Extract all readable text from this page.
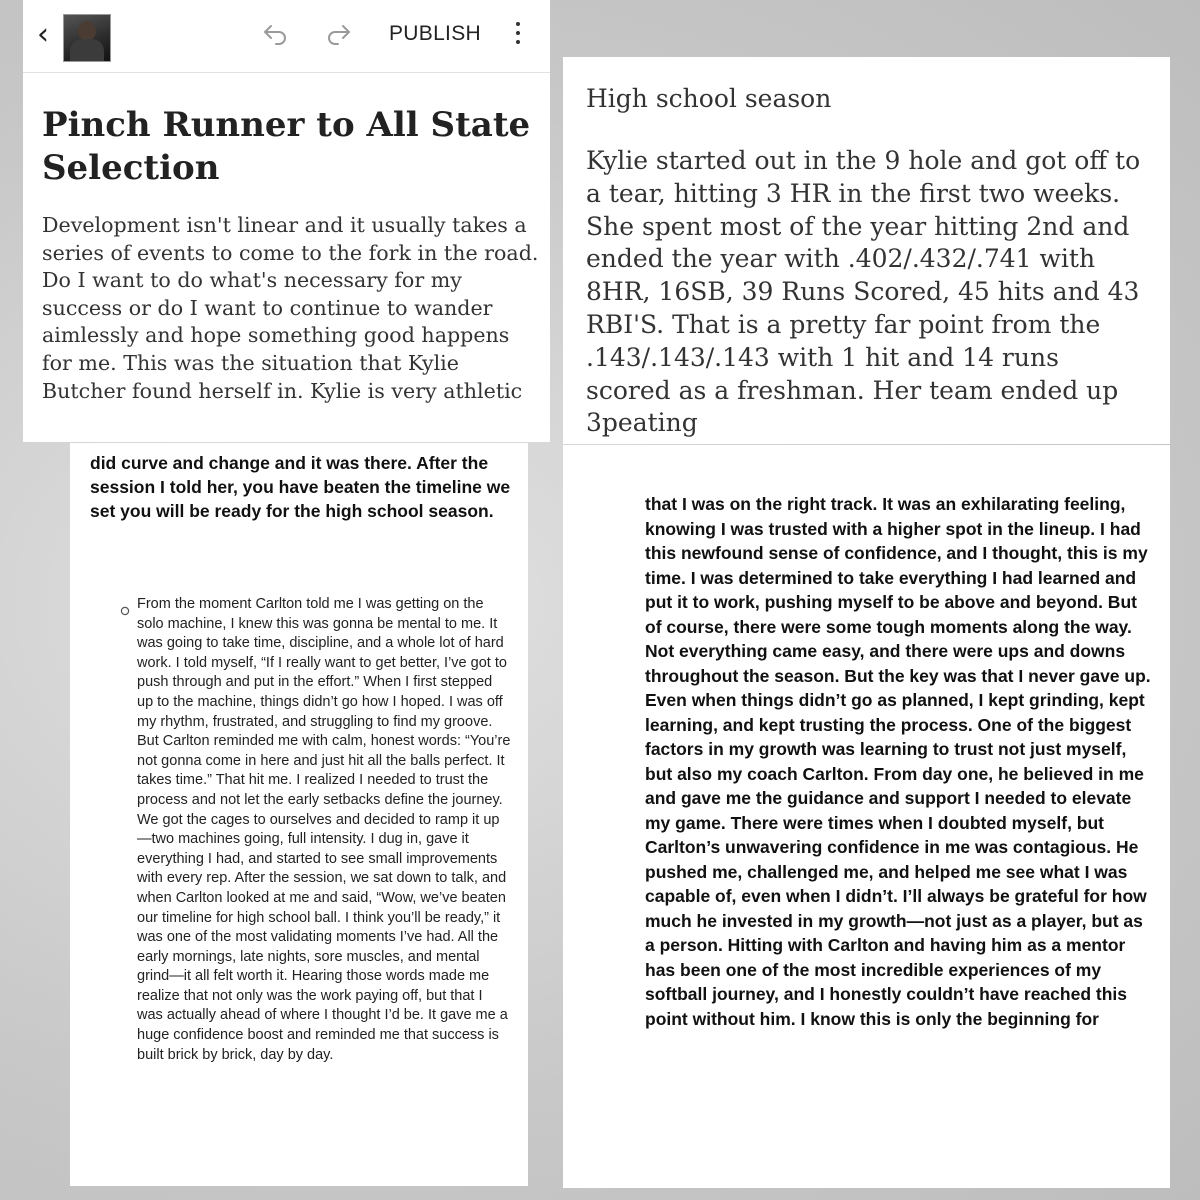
‹	PUBLISH
Pinch Runner to All State Selection

Development isn't linear and it usually takes a series of events to come to the fork in the road. Do I want to do what's necessary for my success or do I want to continue to wander aimlessly and hope something good happens for me. This was the situation that Kylie Butcher found herself in. Kylie is very athletic

High school season

Kylie started out in the 9 hole and got off to a tear, hitting 3 HR in the first two weeks. She spent most of the year hitting 2nd and ended the year with .402/.432/.741 with 8HR, 16SB, 39 Runs Scored, 45 hits and 43 RBI'S. That is a pretty far point from the .143/.143/.143 with 1 hit and 14 runs scored as a freshman. Her team ended up 3peating

did curve and change and it was there. After the session I told her, you have beaten the timeline we set you will be ready for the high school season.

From the moment Carlton told me I was getting on the solo machine, I knew this was gonna be mental to me. It was going to take time, discipline, and a whole lot of hard work. I told myself, “If I really want to get better, I’ve got to push through and put in the effort.” When I first stepped up to the machine, things didn’t go how I hoped. I was off my rhythm, frustrated, and struggling to find my groove. But Carlton reminded me with calm, honest words: “You’re not gonna come in here and just hit all the balls perfect. It takes time.” That hit me. I realized I needed to trust the process and not let the early setbacks define the journey. We got the cages to ourselves and decided to ramp it up—two machines going, full intensity. I dug in, gave it everything I had, and started to see small improvements with every rep. After the session, we sat down to talk, and when Carlton looked at me and said, “Wow, we’ve beaten our timeline for high school ball. I think you’ll be ready,” it was one of the most validating moments I’ve had. All the early mornings, late nights, sore muscles, and mental grind—it all felt worth it. Hearing those words made me realize that not only was the work paying off, but that I was actually ahead of where I thought I’d be. It gave me a huge confidence boost and reminded me that success is built brick by brick, day by day.

that I was on the right track. It was an exhilarating feeling, knowing I was trusted with a higher spot in the lineup. I had this newfound sense of confidence, and I thought, this is my time. I was determined to take everything I had learned and put it to work, pushing myself to be above and beyond. But of course, there were some tough moments along the way. Not everything came easy, and there were ups and downs throughout the season. But the key was that I never gave up. Even when things didn’t go as planned, I kept grinding, kept learning, and kept trusting the process. One of the biggest factors in my growth was learning to trust not just myself, but also my coach Carlton. From day one, he believed in me and gave me the guidance and support I needed to elevate my game. There were times when I doubted myself, but Carlton’s unwavering confidence in me was contagious. He pushed me, challenged me, and helped me see what I was capable of, even when I didn’t. I’ll always be grateful for how much he invested in my growth—not just as a player, but as a person. Hitting with Carlton and having him as a mentor has been one of the most incredible experiences of my softball journey, and I honestly couldn’t have reached this point without him. I know this is only the beginning for
